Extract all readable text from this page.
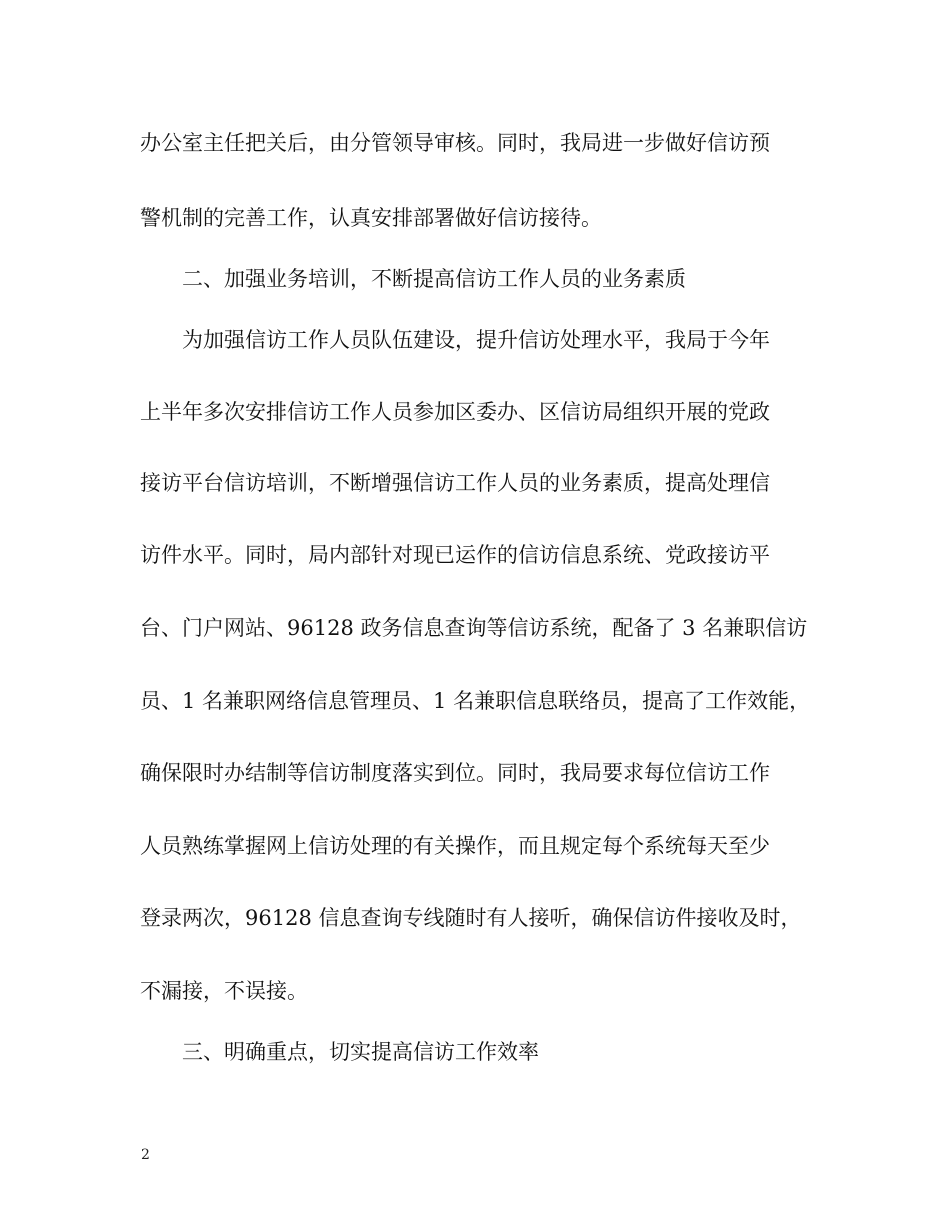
办公室主任把关后，由分管领导审核。同时，我局进一步做好信访预
警机制的完善工作，认真安排部署做好信访接待。
二、加强业务培训，不断提高信访工作人员的业务素质
为加强信访工作人员队伍建设，提升信访处理水平，我局于今年
上半年多次安排信访工作人员参加区委办、区信访局组织开展的党政
接访平台信访培训，不断增强信访工作人员的业务素质，提高处理信
访件水平。同时，局内部针对现已运作的信访信息系统、党政接访平
台、门户网站、96128 政务信息查询等信访系统，配备了 3 名兼职信访
员、1 名兼职网络信息管理员、1 名兼职信息联络员，提高了工作效能，
确保限时办结制等信访制度落实到位。同时，我局要求每位信访工作
人员熟练掌握网上信访处理的有关操作，而且规定每个系统每天至少
登录两次，96128 信息查询专线随时有人接听，确保信访件接收及时，
不漏接，不误接。
三、明确重点，切实提高信访工作效率
2
